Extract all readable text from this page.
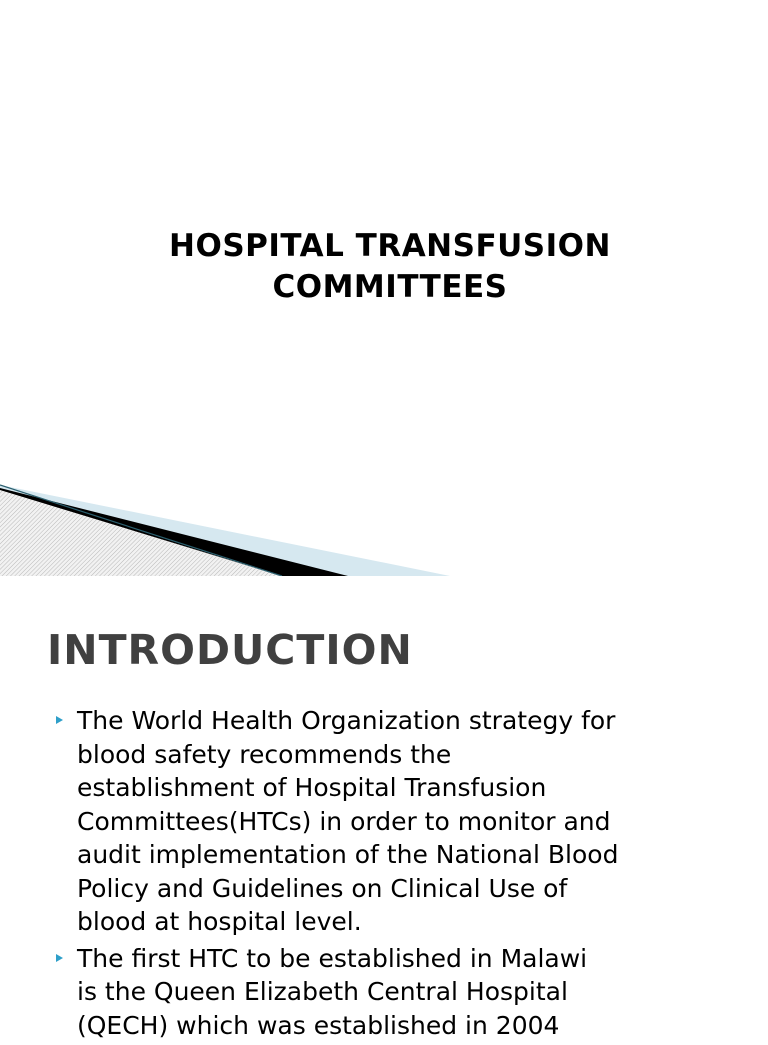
HOSPITAL TRANSFUSION
COMMITTEES
INTRODUCTION
The World Health Organization strategy for
blood safety recommends the
establishment of Hospital Transfusion
Committees(HTCs) in order to monitor and
audit implementation of the National Blood
Policy and Guidelines on Clinical Use of
blood at hospital level.
The first HTC to be established in Malawi
is the Queen Elizabeth Central Hospital
(QECH) which was established in 2004
